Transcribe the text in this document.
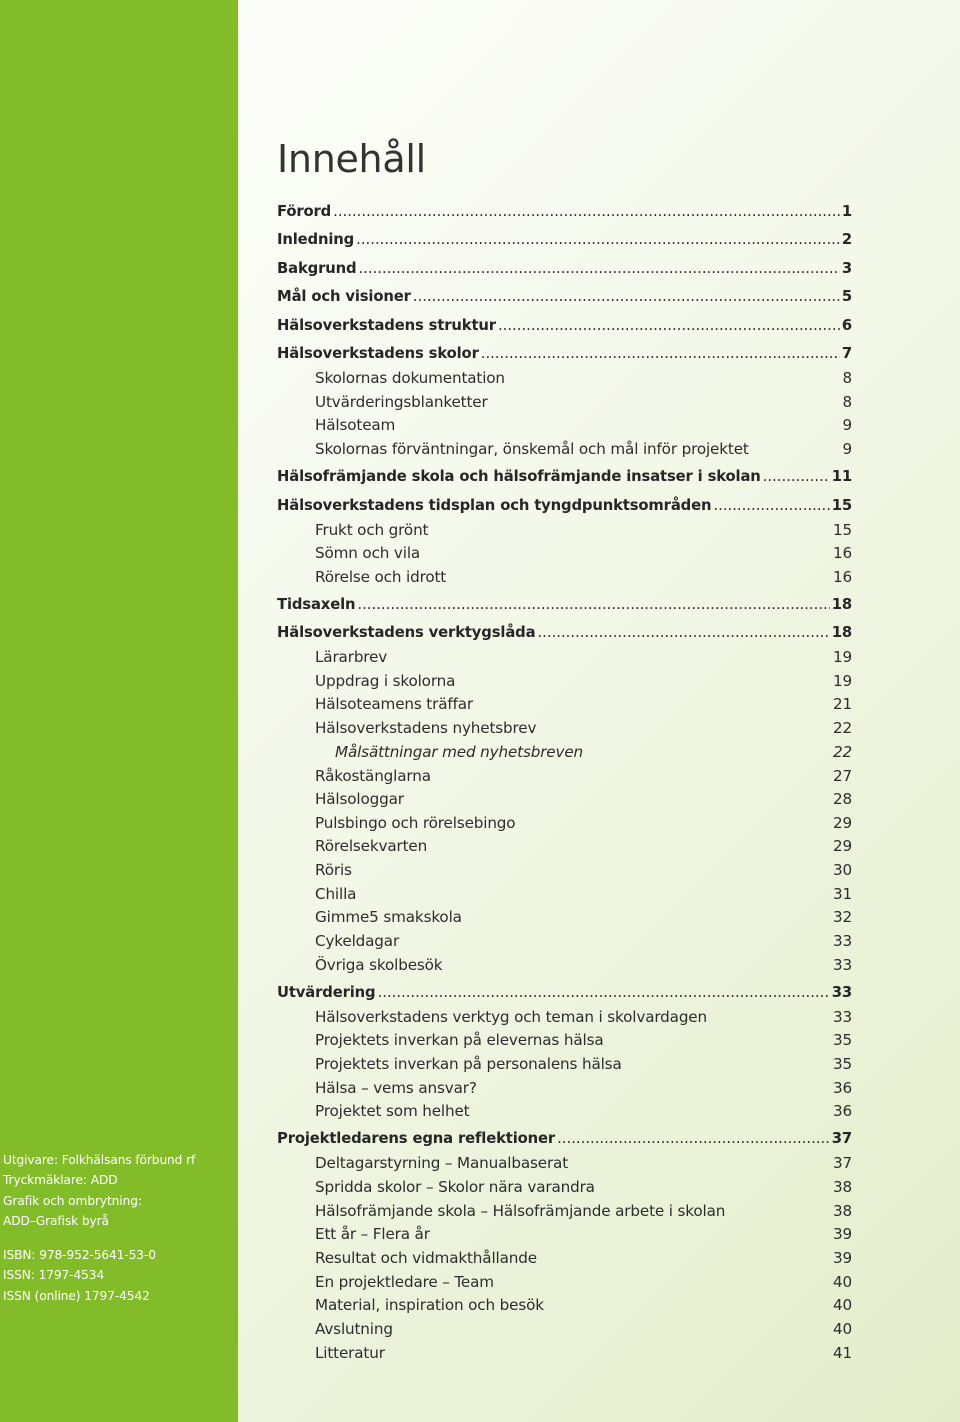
Utgivare: Folkhälsans förbund rf
Tryckmäklare: ADD
Grafik och ombrytning:
ADD–Grafisk byrå
ISBN: 978-952-5641-53-0
ISSN: 1797-4534
ISSN (online) 1797-4542
Innehåll
Förord .....	1
Inledning .....	2
Bakgrund .....	3
Mål och visioner .....	5
Hälsoverkstadens struktur .....	6
Hälsoverkstadens skolor .....	7
Skolornas dokumentation	8
Utvärderingsblanketter	8
Hälsoteam	9
Skolornas förväntningar, önskemål och mål inför projektet	9
Hälsofrämjande skola och hälsofrämjande insatser i skolan .....	11
Hälsoverkstadens tidsplan och tyngdpunktsområden .....	15
Frukt och grönt	15
Sömn och vila	16
Rörelse och idrott	16
Tidsaxeln .....	18
Hälsoverkstadens verktygslåda .....	18
Lärarbrev	19
Uppdrag i skolorna	19
Hälsoteamens träffar	21
Hälsoverkstadens nyhetsbrev	22
Målsättningar med nyhetsbreven	22
Råkostänglarna	27
Hälsologgar	28
Pulsbingo och rörelsebingo	29
Rörelsekvarten	29
Röris	30
Chilla	31
Gimme5 smakskola	32
Cykeldagar	33
Övriga skolbesök	33
Utvärdering .....	33
Hälsoverkstadens verktyg och teman i skolvardagen	33
Projektets inverkan på elevernas hälsa	35
Projektets inverkan på personalens hälsa	35
Hälsa – vems ansvar?	36
Projektet som helhet	36
Projektledarens egna reflektioner .....	37
Deltagarstyrning – Manualbaserat	37
Spridda skolor – Skolor nära varandra	38
Hälsofrämjande skola – Hälsofrämjande arbete i skolan	38
Ett år – Flera år	39
Resultat och vidmakthållande	39
En projektledare – Team	40
Material, inspiration och besök	40
Avslutning	40
Litteratur	41
